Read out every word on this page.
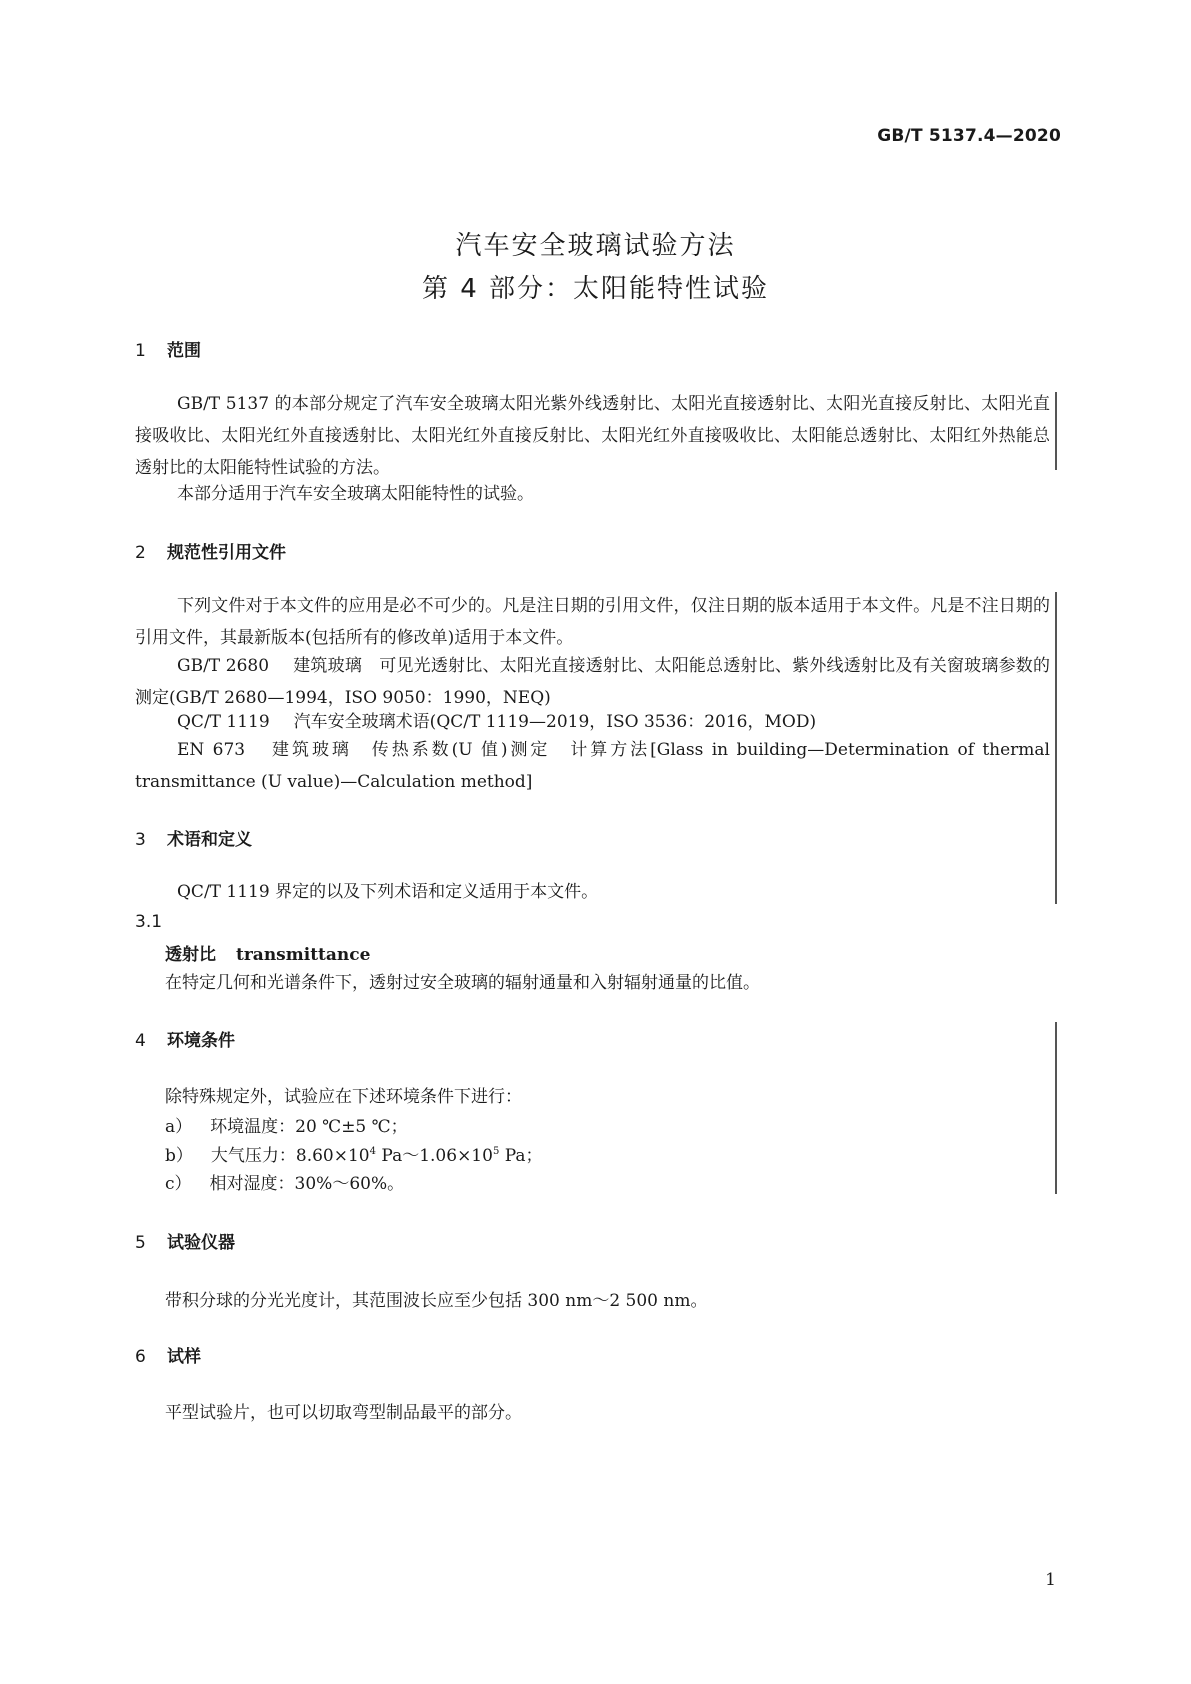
GB/T 5137.4—2020
汽车安全玻璃试验方法
第 4 部分：太阳能特性试验
1 范围
GB/T 5137 的本部分规定了汽车安全玻璃太阳光紫外线透射比、太阳光直接透射比、太阳光直接反射比、太阳光直接吸收比、太阳光红外直接透射比、太阳光红外直接反射比、太阳光红外直接吸收比、太阳能总透射比、太阳红外热能总透射比的太阳能特性试验的方法。
本部分适用于汽车安全玻璃太阳能特性的试验。
2 规范性引用文件
下列文件对于本文件的应用是必不可少的。凡是注日期的引用文件，仅注日期的版本适用于本文件。凡是不注日期的引用文件，其最新版本(包括所有的修改单)适用于本文件。
GB/T 2680 建筑玻璃　可见光透射比、太阳光直接透射比、太阳能总透射比、紫外线透射比及有关窗玻璃参数的测定(GB/T 2680—1994，ISO 9050：1990，NEQ)
QC/T 1119 汽车安全玻璃术语(QC/T 1119—2019，ISO 3536：2016，MOD)
EN 673 建筑玻璃　传热系数(U 值)测定　计算方法[Glass in building—Determination of thermal transmittance (U value)—Calculation method]
3 术语和定义
QC/T 1119 界定的以及下列术语和定义适用于本文件。
3.1
透射比 transmittance
在特定几何和光谱条件下，透射过安全玻璃的辐射通量和入射辐射通量的比值。
4 环境条件
除特殊规定外，试验应在下述环境条件下进行：
a） 环境温度：20 ℃±5 ℃；
b） 大气压力：$8.60\times 10^4$ $Pa\sim 1.06\times 10^5$ Pa；
c） 相对湿度：30%～60%。
5 试验仪器
带积分球的分光光度计，其范围波长应至少包括 300 nm～2 500 nm。
6 试样
平型试验片，也可以切取弯型制品最平的部分。
1
